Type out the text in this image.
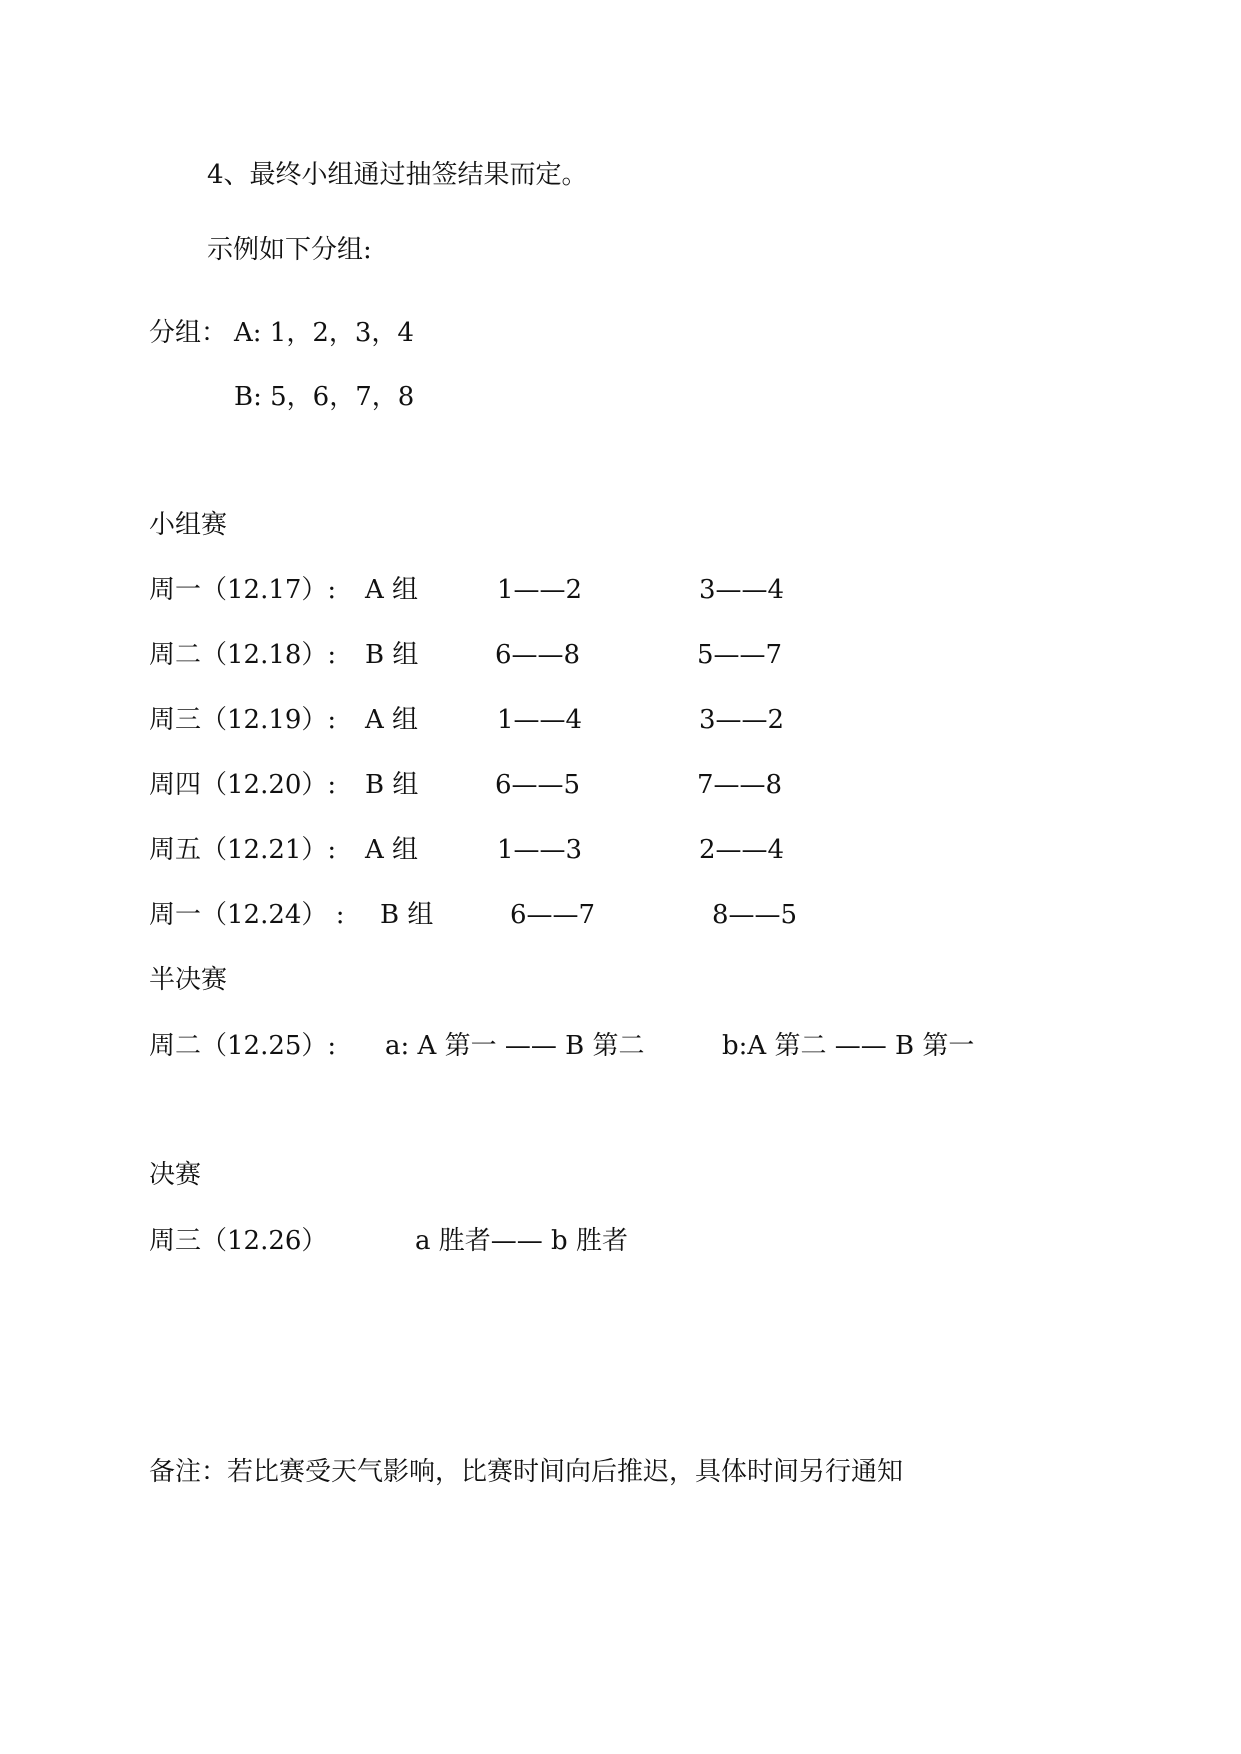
4、最终小组通过抽签结果而定。
示例如下分组:
分组： A: 1，2，3，4
B: 5，6，7，8
小组赛
周一（12.17）: A 组	1——2	3——4
周二（12.18）: B 组	6——8	5——7
周三（12.19）: A 组	1——4	3——2
周四（12.20）: B 组	6——5	7——8
周五（12.21）: A 组	1——3	2——4
周一（12.24） : B 组	6——7	8——5
半决赛
周二（12.25）: a: A 第一 —— B 第二	b:A 第二 —— B 第一
决赛
周三（12.26）	a 胜者—— b 胜者
备注：若比赛受天气影响，比赛时间向后推迟，具体时间另行通知
